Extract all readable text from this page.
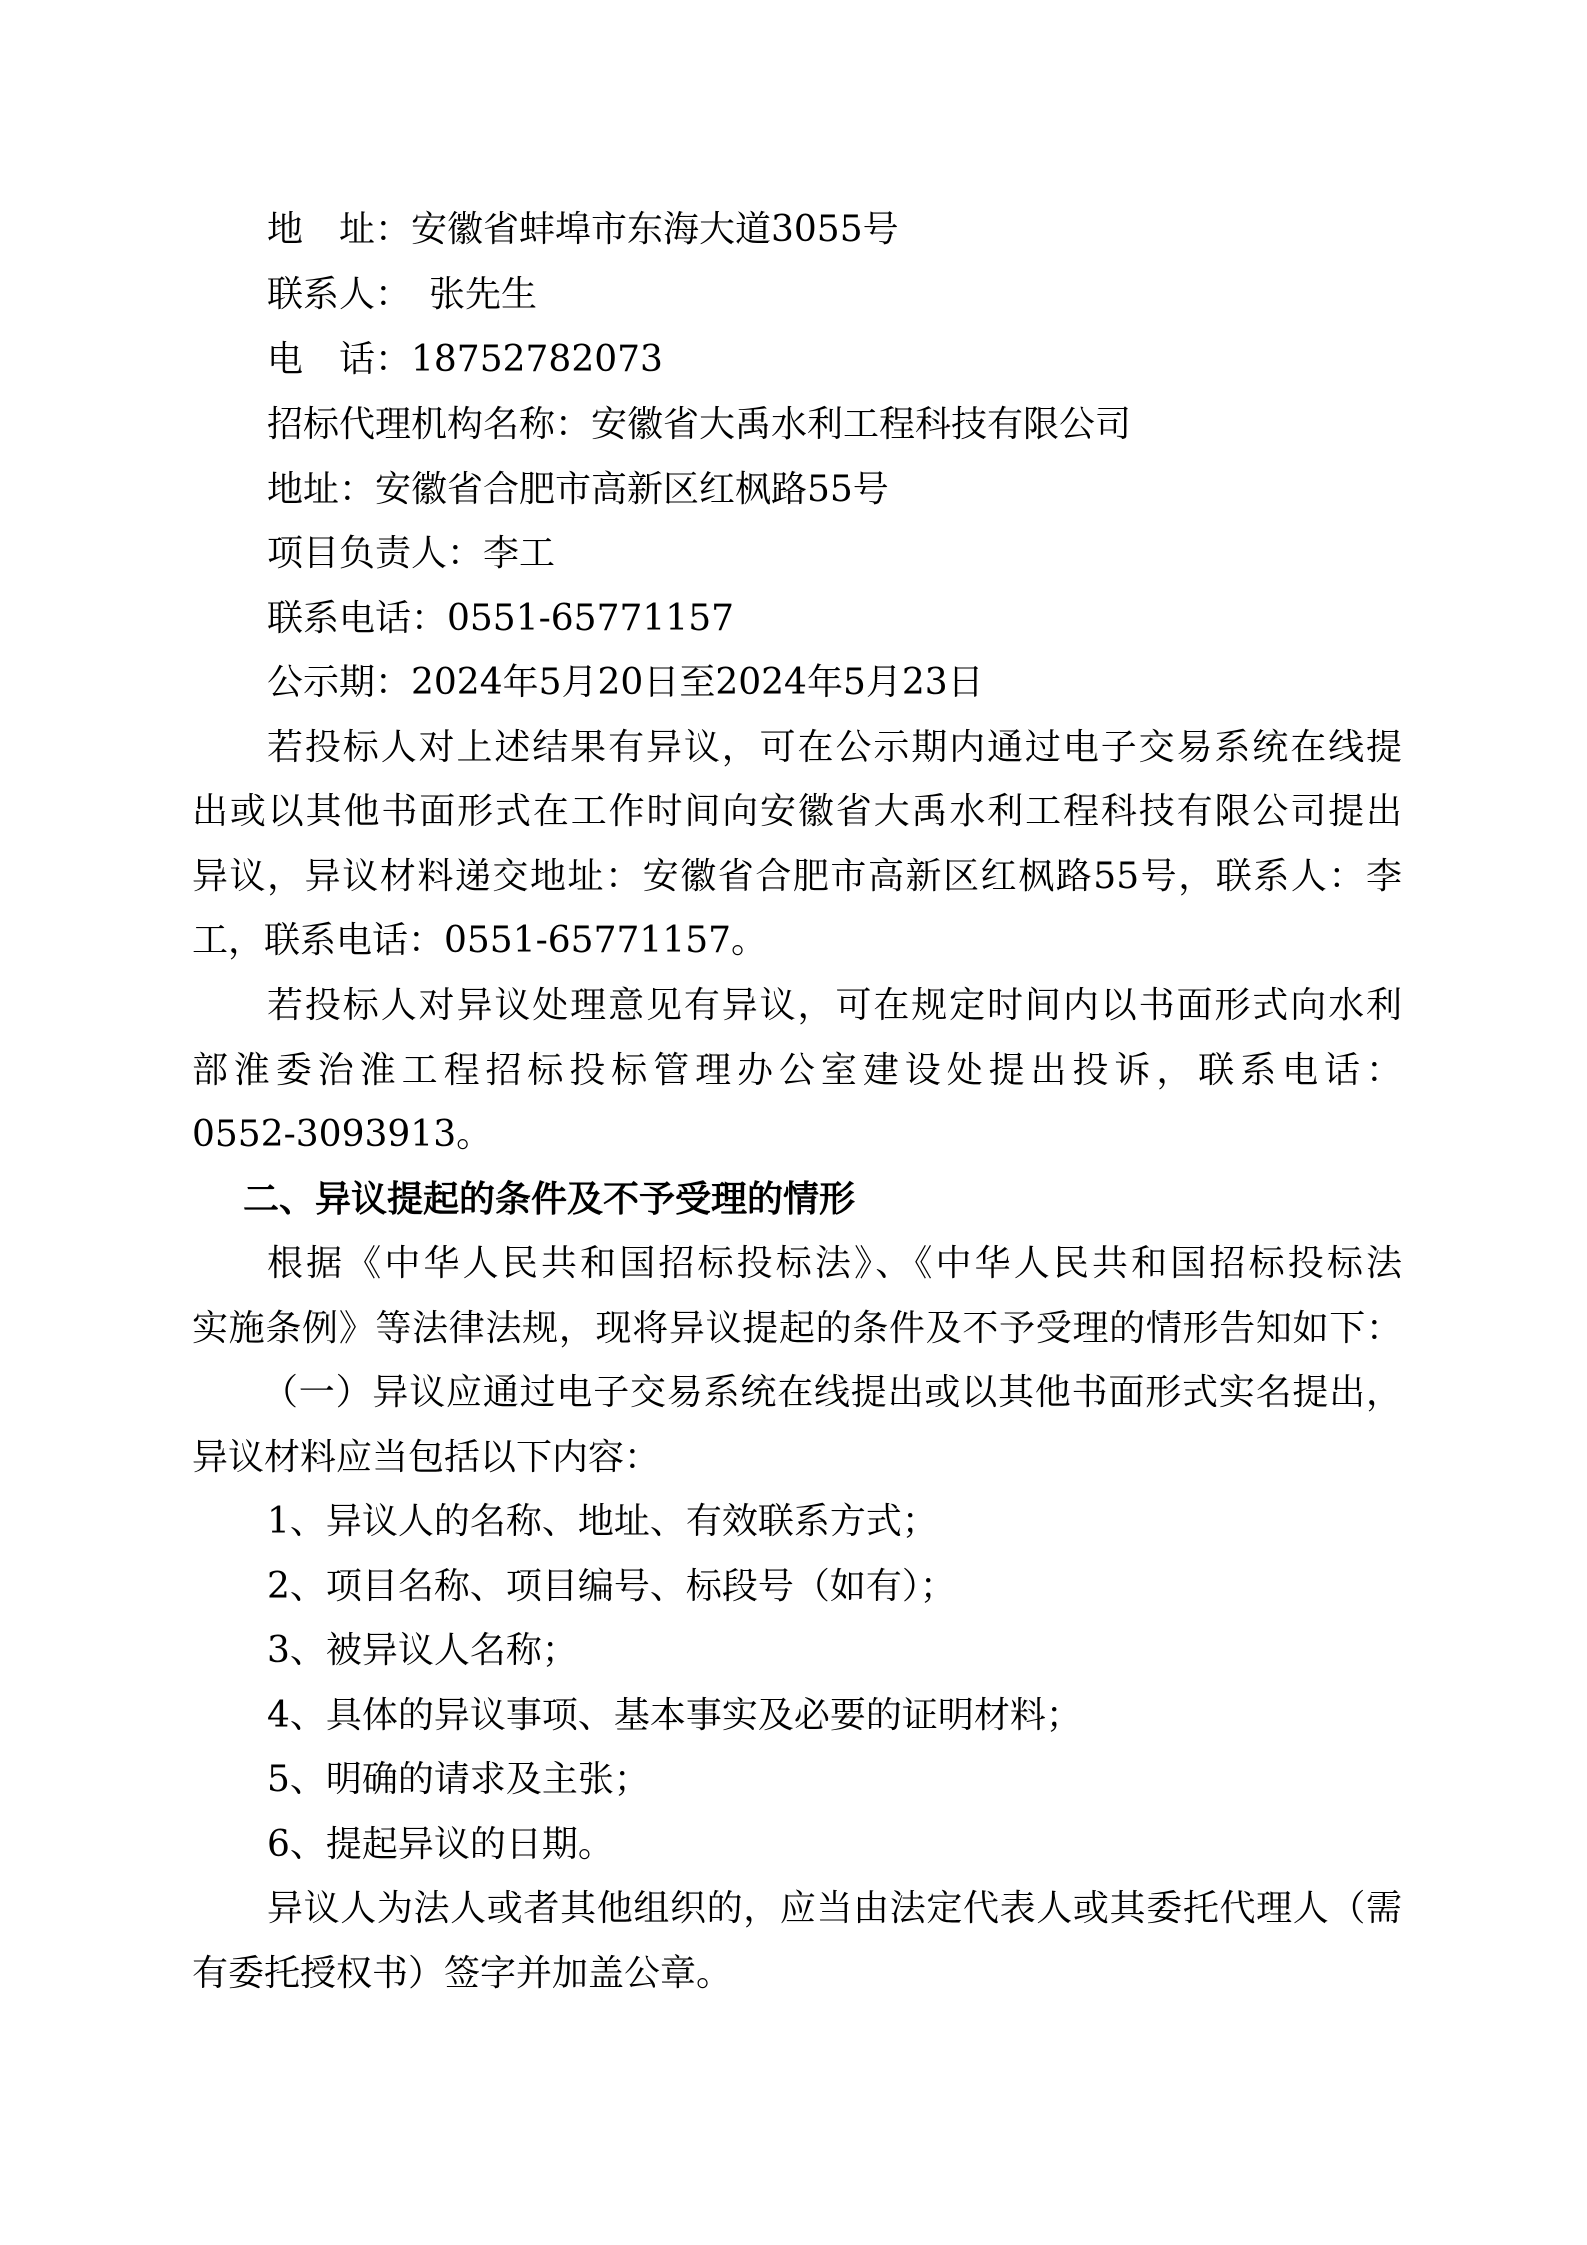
地　址：安徽省蚌埠市东海大道3055号

联系人：　张先生

电　话：18752782073

招标代理机构名称：安徽省大禹水利工程科技有限公司

地址：安徽省合肥市高新区红枫路55号

项目负责人：李工

联系电话：0551-65771157

公示期：2024年5月20日至2024年5月23日

若投标人对上述结果有异议，可在公示期内通过电子交易系统在线提

出或以其他书面形式在工作时间向安徽省大禹水利工程科技有限公司提出

异议，异议材料递交地址：安徽省合肥市高新区红枫路55号，联系人：李

工，联系电话：0551-65771157。

若投标人对异议处理意见有异议，可在规定时间内以书面形式向水利

部淮委治淮工程招标投标管理办公室建设处提出投诉，联系电话：

0552-3093913。

二、异议提起的条件及不予受理的情形

根据《中华人民共和国招标投标法》、《中华人民共和国招标投标法

实施条例》等法律法规，现将异议提起的条件及不予受理的情形告知如下：

（一）异议应通过电子交易系统在线提出或以其他书面形式实名提出，

异议材料应当包括以下内容：

1、异议人的名称、地址、有效联系方式；

2、项目名称、项目编号、标段号（如有）；

3、被异议人名称；

4、具体的异议事项、基本事实及必要的证明材料；

5、明确的请求及主张；

6、提起异议的日期。

异议人为法人或者其他组织的，应当由法定代表人或其委托代理人（需

有委托授权书）签字并加盖公章。
